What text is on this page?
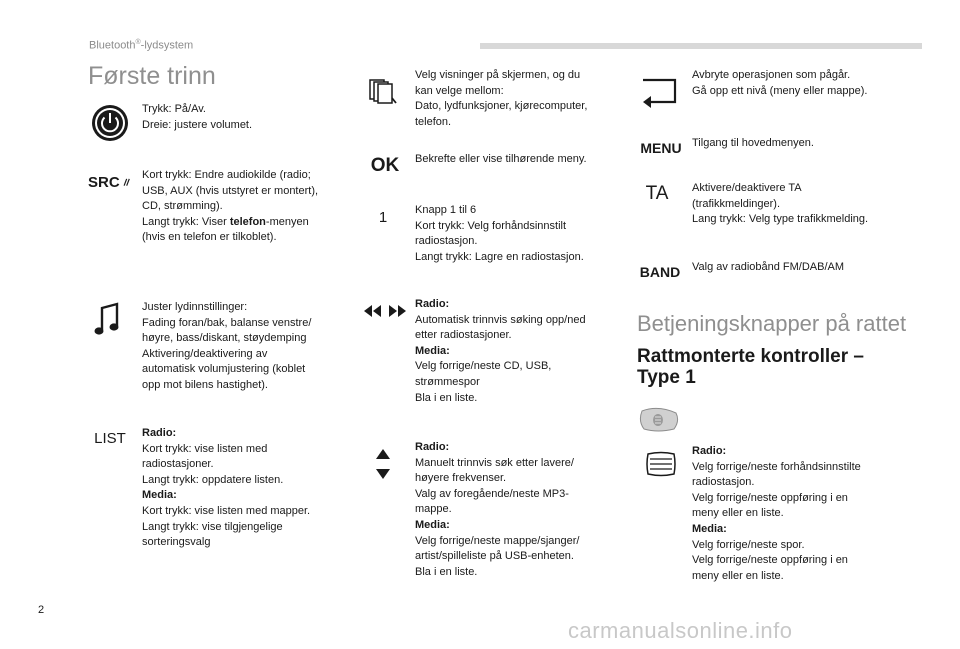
Bluetooth®-lydsystem
Første trinn
Trykk: På/Av.
Dreie: justere volumet.
SRC Kort trykk: Endre audiokilde (radio;
USB, AUX (hvis utstyret er montert),
CD, strømming).
Langt trykk: Viser telefon-menyen
(hvis en telefon er tilkoblet).
Juster lydinnstillinger:
Fading foran/bak, balanse venstre/
høyre, bass/diskant, støydemping
Aktivering/deaktivering av
automatisk volumjustering (koblet
opp mot bilens hastighet).
LIST Radio:
Kort trykk: vise listen med
radiostasjoner.
Langt trykk: oppdatere listen.
Media:
Kort trykk: vise listen med mapper.
Langt trykk: vise tilgjengelige
sorteringsvalg
Velg visninger på skjermen, og du
kan velge mellom:
Dato, lydfunksjoner, kjørecomputer,
telefon.
OK Bekrefte eller vise tilhørende meny.
1	Knapp 1 til 6
Kort trykk: Velg forhåndsinnstilt
radiostasjon.
Langt trykk: Lagre en radiostasjon.
Radio:
Automatisk trinnvis søking opp/ned
etter radiostasjoner.
Media:
Velg forrige/neste CD, USB,
strømmespor
Bla i en liste.
Radio:
Manuelt trinnvis søk etter lavere/
høyere frekvenser.
Valg av foregående/neste MP3-
mappe.
Media:
Velg forrige/neste mappe/sjanger/
artist/spilleliste på USB-enheten.
Bla i en liste.
Avbryte operasjonen som pågår.
Gå opp ett nivå (meny eller mappe).
MENU Tilgang til hovedmenyen.
TA Aktivere/deaktivere TA
(trafikkmeldinger).
Lang trykk: Velg type trafikkmelding.
BAND Valg av radiobånd FM/DAB/AM
Betjeningsknapper på rattet
Rattmonterte kontroller – Type 1
Radio:
Velg forrige/neste forhåndsinnstilte
radiostasjon.
Velg forrige/neste oppføring i en
meny eller en liste.
Media:
Velg forrige/neste spor.
Velg forrige/neste oppføring i en
meny eller en liste.
2
carmanualsonline.info
